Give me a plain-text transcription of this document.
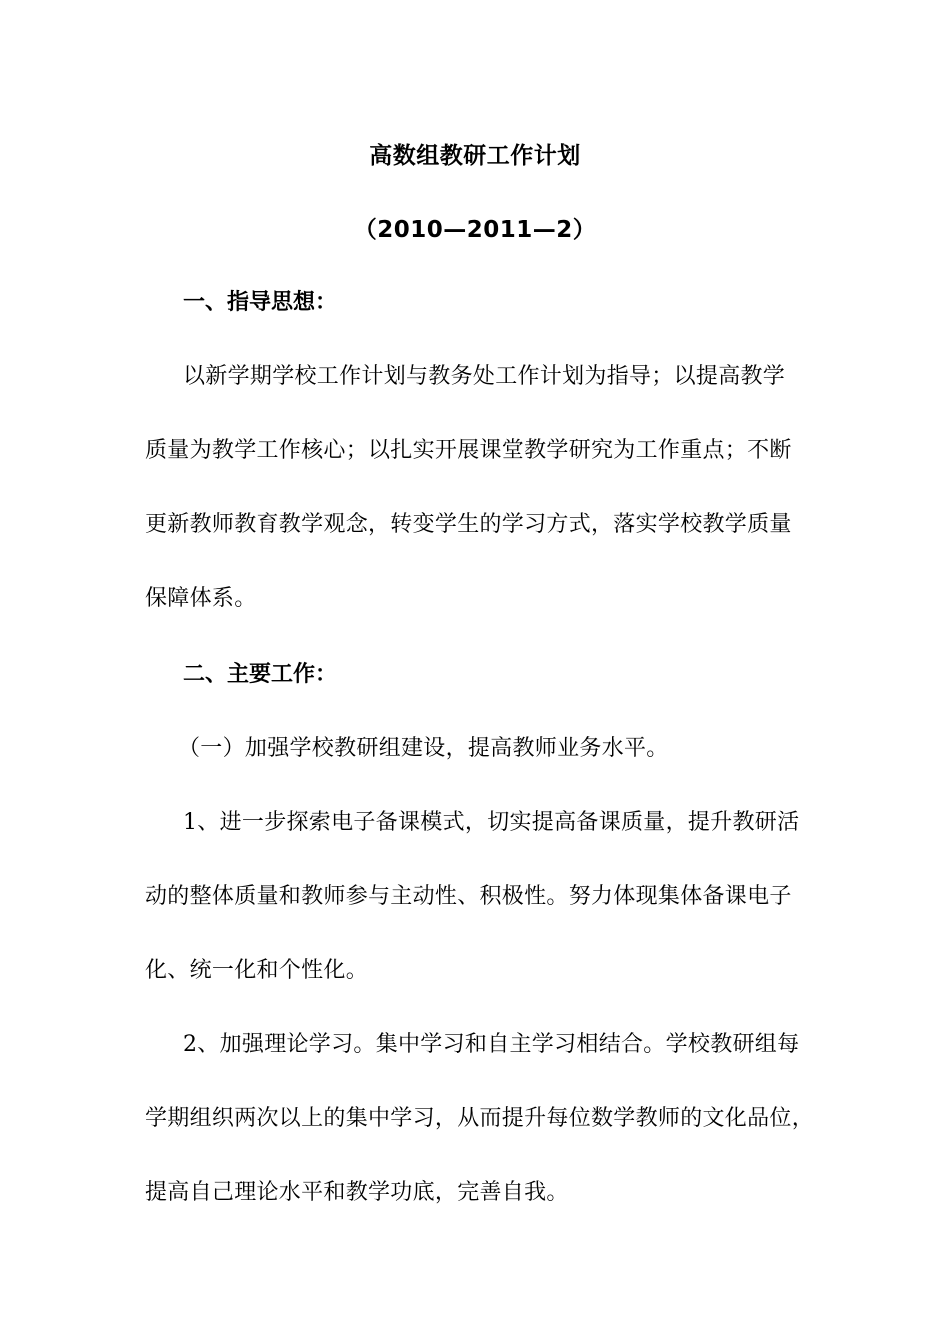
高数组教研工作计划
（2010—2011—2）
一、指导思想：
以新学期学校工作计划与教务处工作计划为指导；以提高教学
质量为教学工作核心；以扎实开展课堂教学研究为工作重点；不断
更新教师教育教学观念，转变学生的学习方式，落实学校教学质量
保障体系。
二、主要工作：
（一）加强学校教研组建设，提高教师业务水平。
1、进一步探索电子备课模式，切实提高备课质量，提升教研活
动的整体质量和教师参与主动性、积极性。努力体现集体备课电子
化、统一化和个性化。
2、加强理论学习。集中学习和自主学习相结合。学校教研组每
学期组织两次以上的集中学习，从而提升每位数学教师的文化品位，
提高自己理论水平和教学功底，完善自我。
